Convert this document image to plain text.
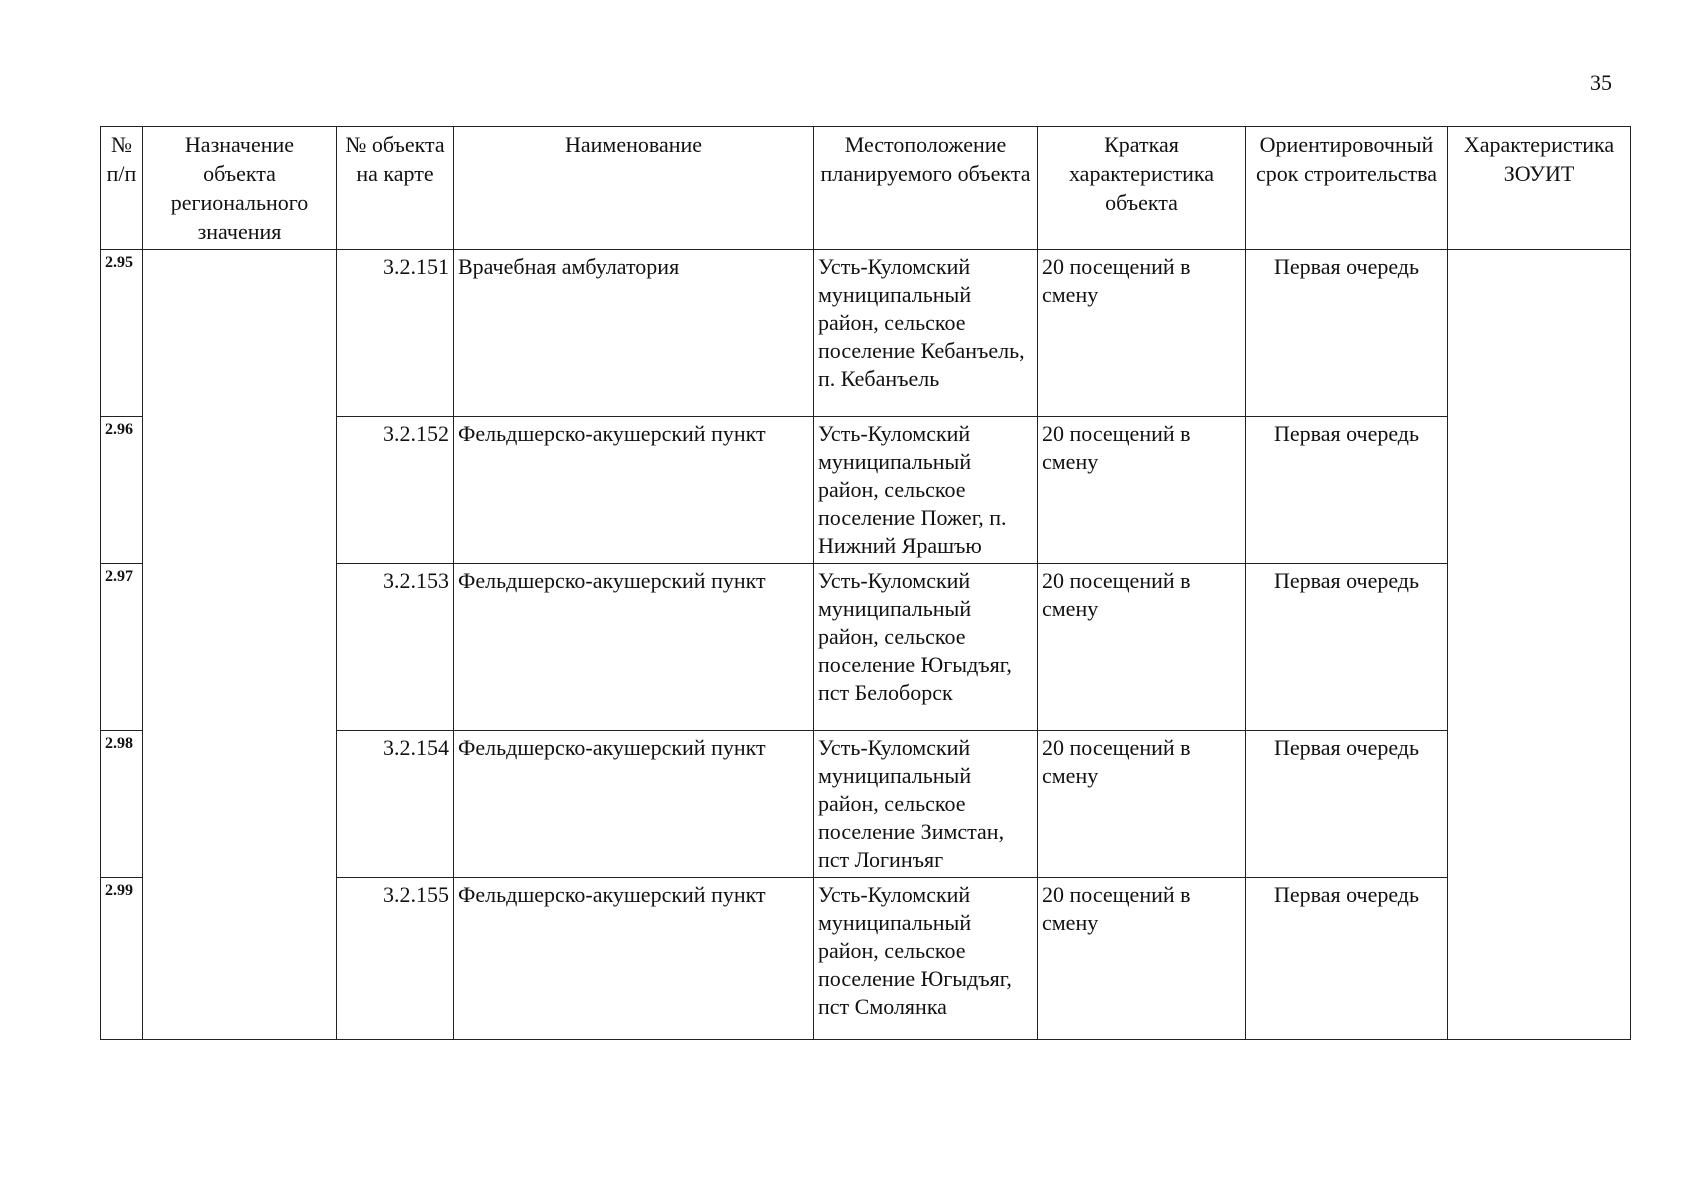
35
№ п/п	Назначение объекта регионального значения	№ объекта на карте	Наименование	Местоположение планируемого объекта	Краткая характеристика объекта	Ориентировочный срок строительства	Характеристика ЗОУИТ
2.95		3.2.151	Врачебная амбулатория	Усть-Куломский муниципальный район, сельское поселение Кебанъель, п. Кебанъель	20 посещений в смену	Первая очередь	
2.96		3.2.152	Фельдшерско-акушерский пункт	Усть-Куломский муниципальный район, сельское поселение Пожег, п. Нижний Ярашъю	20 посещений в смену	Первая очередь	
2.97		3.2.153	Фельдшерско-акушерский пункт	Усть-Куломский муниципальный район, сельское поселение Югыдъяг, пст Белоборск	20 посещений в смену	Первая очередь	
2.98		3.2.154	Фельдшерско-акушерский пункт	Усть-Куломский муниципальный район, сельское поселение Зимстан, пст Логинъяг	20 посещений в смену	Первая очередь	
2.99		3.2.155	Фельдшерско-акушерский пункт	Усть-Куломский муниципальный район, сельское поселение Югыдъяг, пст Смолянка	20 посещений в смену	Первая очередь	
